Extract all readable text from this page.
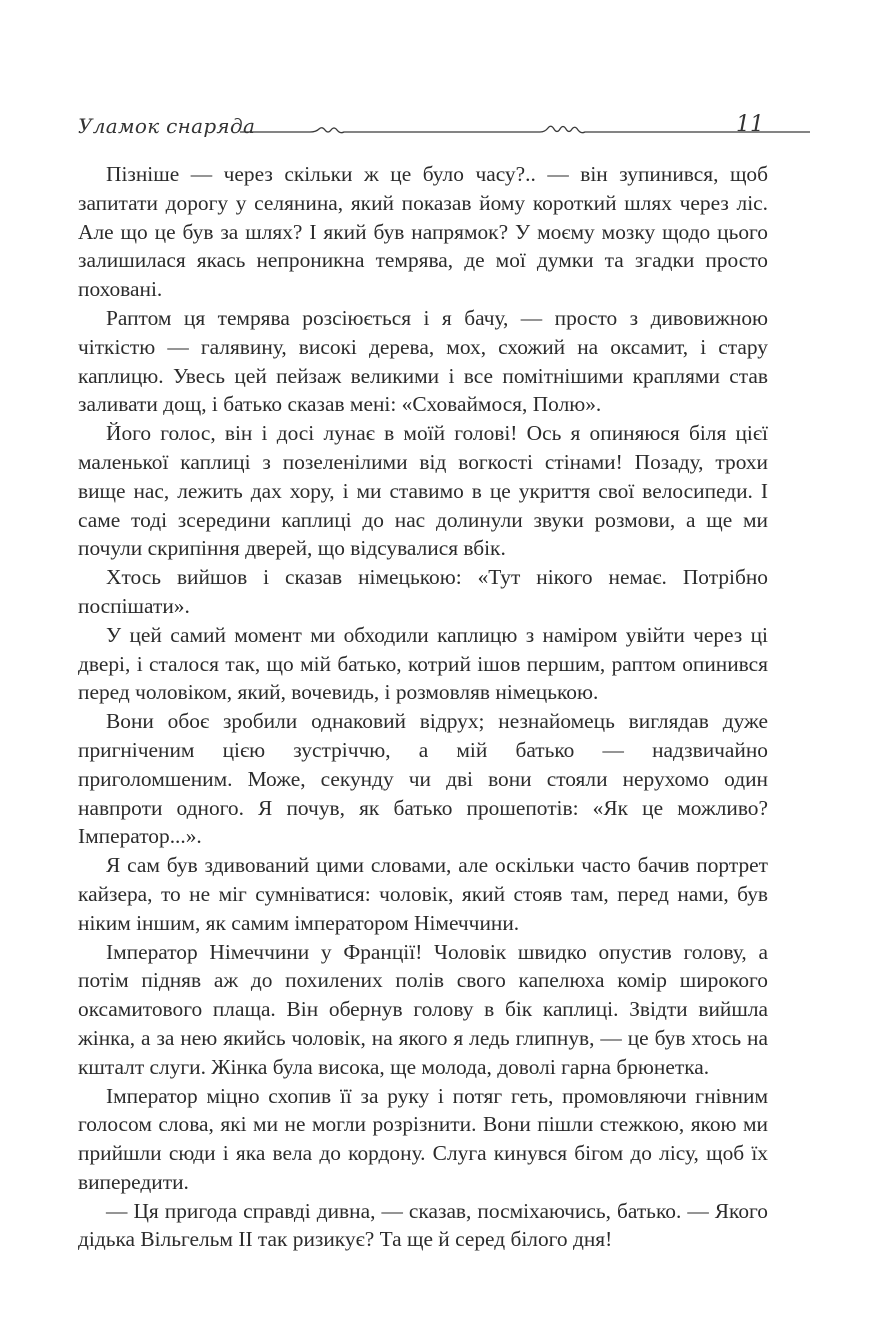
Уламок снаряда	11

Пізніше — через скільки ж це було часу?.. — він зупинився, щоб запитати дорогу у селянина, який показав йому короткий шлях через ліс. Але що це був за шлях? І який був напрямок? У моєму мозку щодо цього залишилася якась непроникна темрява, де мої думки та згадки просто поховані.

Раптом ця темрява розсіюється і я бачу, — просто з дивовижною чіткістю — галявину, високі дерева, мох, схожий на оксамит, і стару каплицю. Увесь цей пейзаж великими і все помітнішими краплями став заливати дощ, і батько сказав мені: «Сховаймося, Полю».

Його голос, він і досі лунає в моїй голові! Ось я опиняюся біля цієї маленької каплиці з позеленілими від вогкості стінами! Позаду, трохи вище нас, лежить дах хору, і ми ставимо в це укриття свої велосипеди. І саме тоді зсередини каплиці до нас долинули звуки розмови, а ще ми почули скрипіння дверей, що відсувалися вбік.

Хтось вийшов і сказав німецькою: «Тут нікого немає. Потрібно поспішати».

У цей самий момент ми обходили каплицю з наміром увійти через ці двері, і сталося так, що мій батько, котрий ішов першим, раптом опинився перед чоловіком, який, вочевидь, і розмовляв німецькою.

Вони обоє зробили однаковий відрух; незнайомець виглядав дуже пригніченим цією зустріччю, а мій батько — надзвичайно приголомшеним. Може, секунду чи дві вони стояли нерухомо один навпроти одного. Я почув, як батько прошепотів: «Як це можливо? Імператор...».

Я сам був здивований цими словами, але оскільки часто бачив портрет кайзера, то не міг сумніватися: чоловік, який стояв там, перед нами, був ніким іншим, як самим імператором Німеччини.

Імператор Німеччини у Франції! Чоловік швидко опустив голову, а потім підняв аж до похилених полів свого капелюха комір широкого оксамитового плаща. Він обернув голову в бік каплиці. Звідти вийшла жінка, а за нею якийсь чоловік, на якого я ледь глипнув, — це був хтось на кшталт слуги. Жінка була висока, ще молода, доволі гарна брюнетка.

Імператор міцно схопив її за руку і потяг геть, промовляючи гнівним голосом слова, які ми не могли розрізнити. Вони пішли стежкою, якою ми прийшли сюди і яка вела до кордону. Слуга кинувся бігом до лісу, щоб їх випередити.

— Ця пригода справді дивна, — сказав, посміхаючись, батько. — Якого дідька Вільгельм II так ризикує? Та ще й серед білого дня!
